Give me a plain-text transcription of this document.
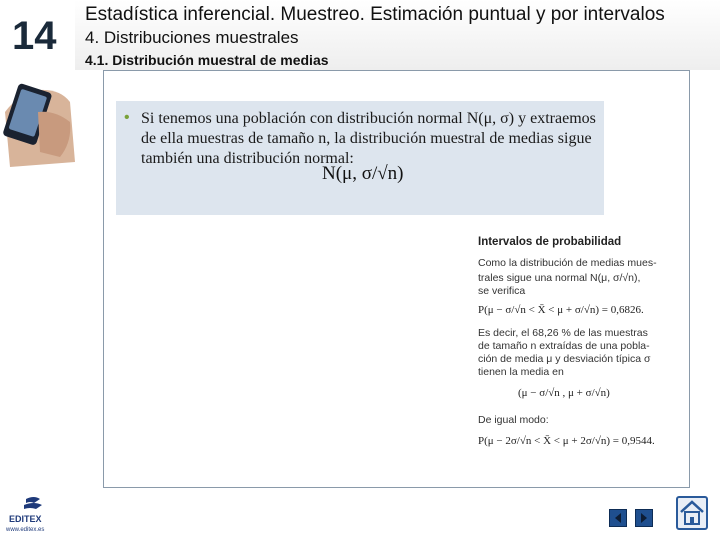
14 Estadística inferencial. Muestreo. Estimación puntual y por intervalos
4. Distribuciones muestrales
4.1. Distribución muestral de medias
• Si tenemos una población con distribución normal N(μ, σ) y extraemos de ella muestras de tamaño n, la distribución muestral de medias sigue también una distribución normal:
N(μ, σ/√n)
Intervalos de probabilidad
Como la distribución de medias mues-
trales sigue una normal N(μ, σ/√n),
se verifica
P(μ − σ/√n < X̄ < μ + σ/√n) = 0,6826.
Es decir, el 68,26 % de las muestras
de tamaño n extraídas de una pobla-
ción de media μ y desviación típica σ
tienen la media en
(μ − σ/√n , μ + σ/√n)
De igual modo:
P(μ − 2σ/√n < X̄ < μ + 2σ/√n) = 0,9544.
EDITEX
www.editex.es
